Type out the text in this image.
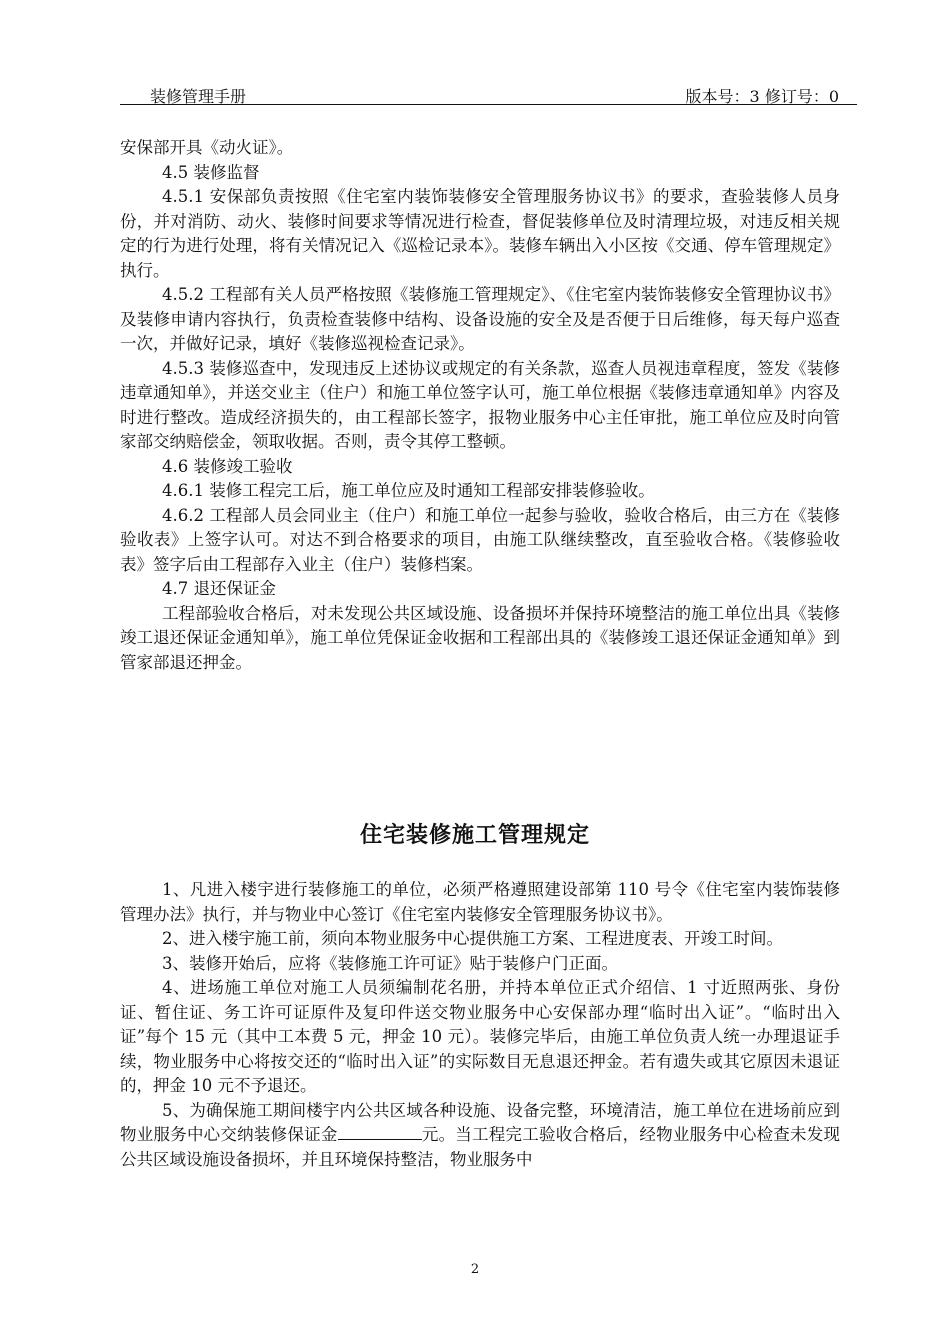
装修管理手册	版本号：3 修订号：0

安保部开具《动火证》。

4.5 装修监督

4.5.1 安保部负责按照《住宅室内装饰装修安全管理服务协议书》的要求，查验装修人员身份，并对消防、动火、装修时间要求等情况进行检查，督促装修单位及时清理垃圾，对违反相关规定的行为进行处理，将有关情况记入《巡检记录本》。装修车辆出入小区按《交通、停车管理规定》执行。

4.5.2 工程部有关人员严格按照《装修施工管理规定》、《住宅室内装饰装修安全管理协议书》及装修申请内容执行，负责检查装修中结构、设备设施的安全及是否便于日后维修，每天每户巡查一次，并做好记录，填好《装修巡视检查记录》。

4.5.3 装修巡查中，发现违反上述协议或规定的有关条款，巡查人员视违章程度，签发《装修违章通知单》，并送交业主（住户）和施工单位签字认可，施工单位根据《装修违章通知单》内容及时进行整改。造成经济损失的，由工程部长签字，报物业服务中心主任审批，施工单位应及时向管家部交纳赔偿金，领取收据。否则，责令其停工整顿。

4.6 装修竣工验收

4.6.1 装修工程完工后，施工单位应及时通知工程部安排装修验收。

4.6.2 工程部人员会同业主（住户）和施工单位一起参与验收，验收合格后，由三方在《装修验收表》上签字认可。对达不到合格要求的项目，由施工队继续整改，直至验收合格。《装修验收表》签字后由工程部存入业主（住户）装修档案。

4.7 退还保证金

工程部验收合格后，对未发现公共区域设施、设备损坏并保持环境整洁的施工单位出具《装修竣工退还保证金通知单》，施工单位凭保证金收据和工程部出具的《装修竣工退还保证金通知单》到管家部退还押金。

住宅装修施工管理规定

1、凡进入楼宇进行装修施工的单位，必须严格遵照建设部第 110 号令《住宅室内装饰装修管理办法》执行，并与物业中心签订《住宅室内装修安全管理服务协议书》。

2、进入楼宇施工前，须向本物业服务中心提供施工方案、工程进度表、开竣工时间。

3、装修开始后，应将《装修施工许可证》贴于装修户门正面。

4、进场施工单位对施工人员须编制花名册，并持本单位正式介绍信、1 寸近照两张、身份证、暂住证、务工许可证原件及复印件送交物业服务中心安保部办理“临时出入证”。“临时出入证”每个 15 元（其中工本费 5 元，押金 10 元）。装修完毕后，由施工单位负责人统一办理退证手续，物业服务中心将按交还的“临时出入证”的实际数目无息退还押金。若有遗失或其它原因未退证的，押金 10 元不予退还。

5、为确保施工期间楼宇内公共区域各种设施、设备完整，环境清洁，施工单位在进场前应到物业服务中心交纳装修保证金	元。当工程完工验收合格后，经物业服务中心检查未发现公共区域设施设备损坏，并且环境保持整洁，物业服务中

2
